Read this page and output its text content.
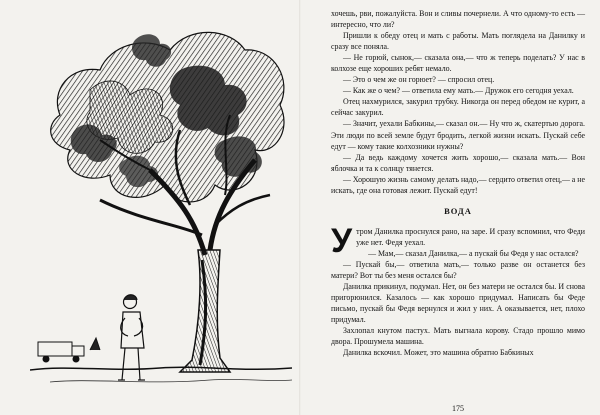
хочешь, рви, пожалуйста. Вон и сливы почернели. А что одному-то есть — интересно, что ли?

Пришли к обеду отец и мать с работы. Мать поглядела на Данилку и сразу все поняла.

— Не горюй, сынок,— сказала она,— что ж теперь поделать? У нас в колхозе еще хороших ребят немало.

— Это о чем же он горюет? — спросил отец.

— Как же о чем? — ответила ему мать.— Дружок его сегодня уехал.

Отец нахмурился, закурил трубку. Никогда он перед обедом не курит, а сейчас закурил.

— Значит, уехали Бабкины,— сказал он.— Ну что ж, скатертью дорога. Эти люди по всей земле будут бродить, легкой жизни искать. Пускай себе едут — кому такие колхозники нужны?

— Да ведь каждому хочется жить хорошо,— сказала мать.— Вон яблочка и та к солнцу тянется.

— Хорошую жизнь самому делать надо,— сердито ответил отец,— а не искать, где она готовая лежит. Пускай едут!

ВОДА

Утром Данилка проснулся рано, на заре. И сразу вспомнил, что Феди уже нет. Федя уехал.

— Мам,— сказал Данилка,— а пускай бы Федя у нас остался?

— Пускай бы,— ответила мать,— только разве он останется без матери? Вот ты без меня остался бы?

Данилка прикинул, подумал. Нет, он без матери не остался бы. И снова пригорюнился. Казалось — как хорошо придумал. Написать бы Феде письмо, пускай бы Федя вернулся и жил у них. А оказывается, нет, плохо придумал.

Захлопал кнутом пастух. Мать выгнала корову. Стадо прошло мимо двора. Прошумела машина.

Данилка вскочил. Может, это машина обратно Бабкиных

175
